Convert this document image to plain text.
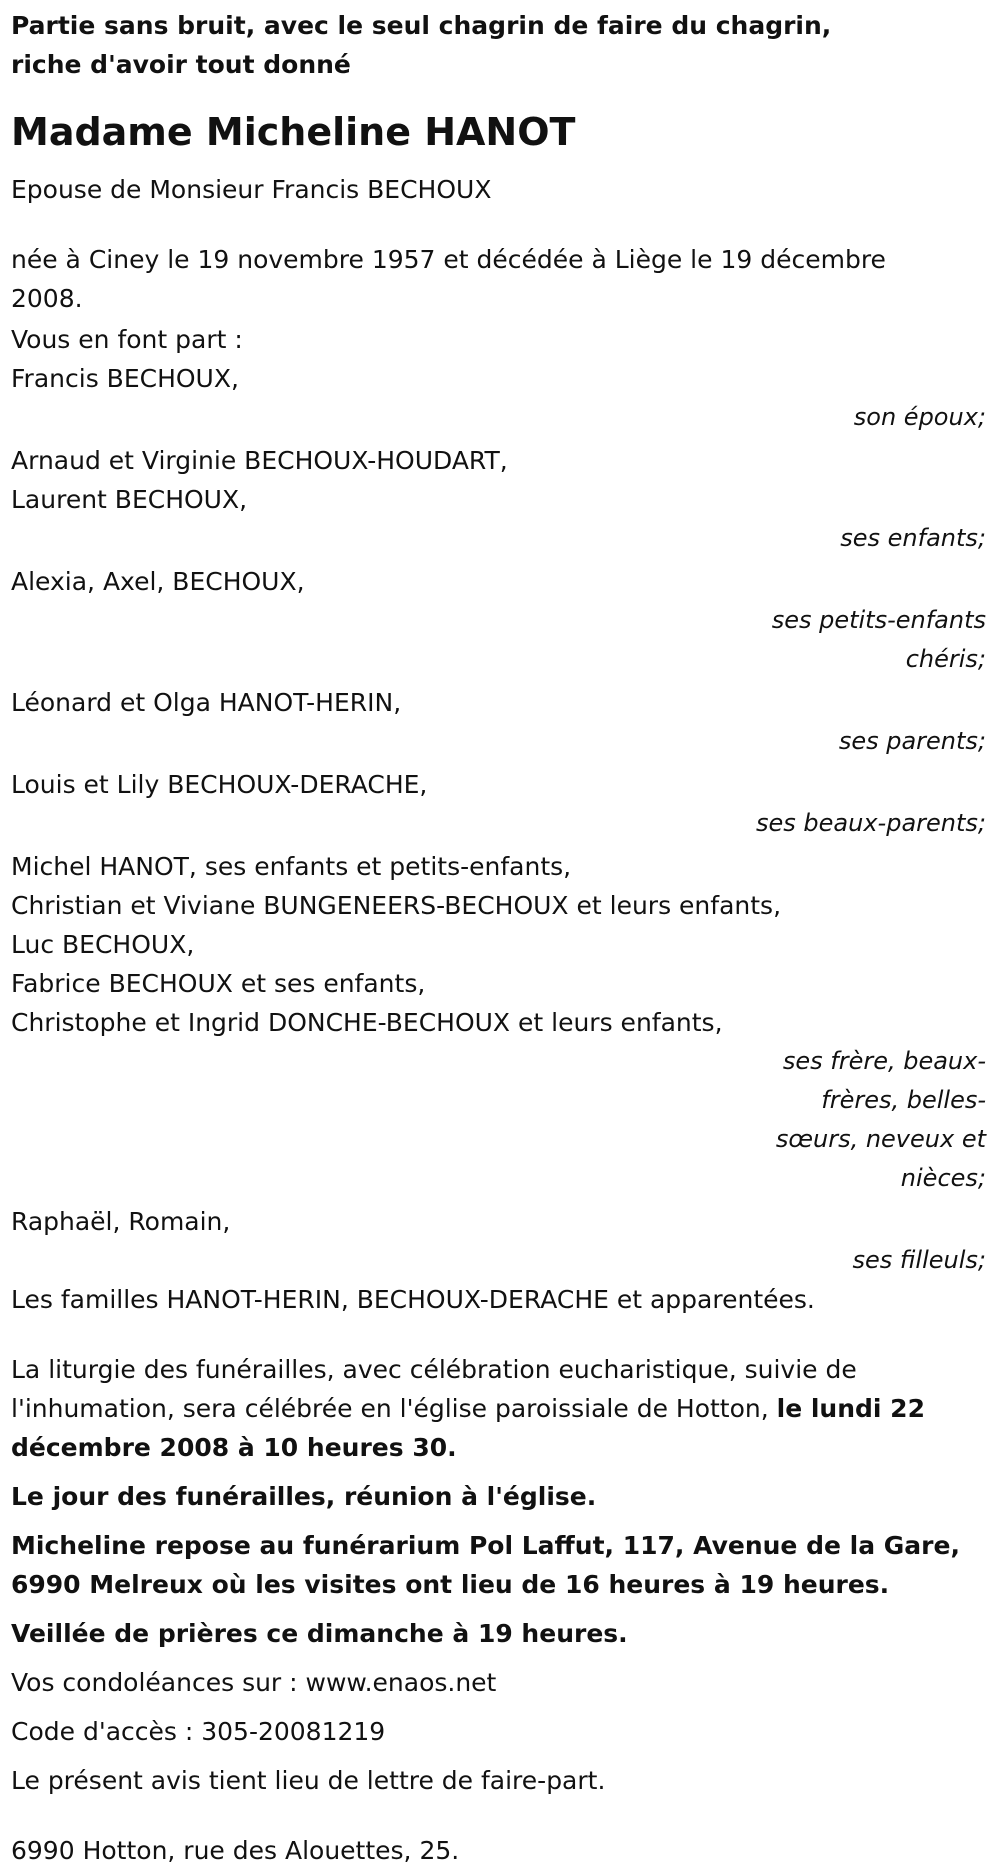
Partie sans bruit, avec le seul chagrin de faire du chagrin,
riche d'avoir tout donné
Madame Micheline HANOT

Epouse de Monsieur Francis BECHOUX

née à Ciney le 19 novembre 1957 et décédée à Liège le 19 décembre

2008.

Vous en font part :

Francis BECHOUX,

son époux;

Arnaud et Virginie BECHOUX-HOUDART,

Laurent BECHOUX,

ses enfants;

Alexia, Axel, BECHOUX,

ses petits-enfants

chéris;

Léonard et Olga HANOT-HERIN,

ses parents;

Louis et Lily BECHOUX-DERACHE,

ses beaux-parents;

Michel HANOT, ses enfants et petits-enfants,

Christian et Viviane BUNGENEERS-BECHOUX et leurs enfants,

Luc BECHOUX,

Fabrice BECHOUX et ses enfants,

Christophe et Ingrid DONCHE-BECHOUX et leurs enfants,

ses frère, beaux-

frères, belles-

sœurs, neveux et

nièces;

Raphaël, Romain,

ses filleuls;

Les familles HANOT-HERIN, BECHOUX-DERACHE et apparentées.

La liturgie des funérailles, avec célébration eucharistique, suivie de

l'inhumation, sera célébrée en l'église paroissiale de Hotton, le lundi 22

décembre 2008 à 10 heures 30.

Le jour des funérailles, réunion à l'église.

Micheline repose au funérarium Pol Laffut, 117, Avenue de la Gare,

6990 Melreux où les visites ont lieu de 16 heures à 19 heures.

Veillée de prières ce dimanche à 19 heures.

Vos condoléances sur : www.enaos.net

Code d'accès : 305-20081219

Le présent avis tient lieu de lettre de faire-part.

6990 Hotton, rue des Alouettes, 25.
